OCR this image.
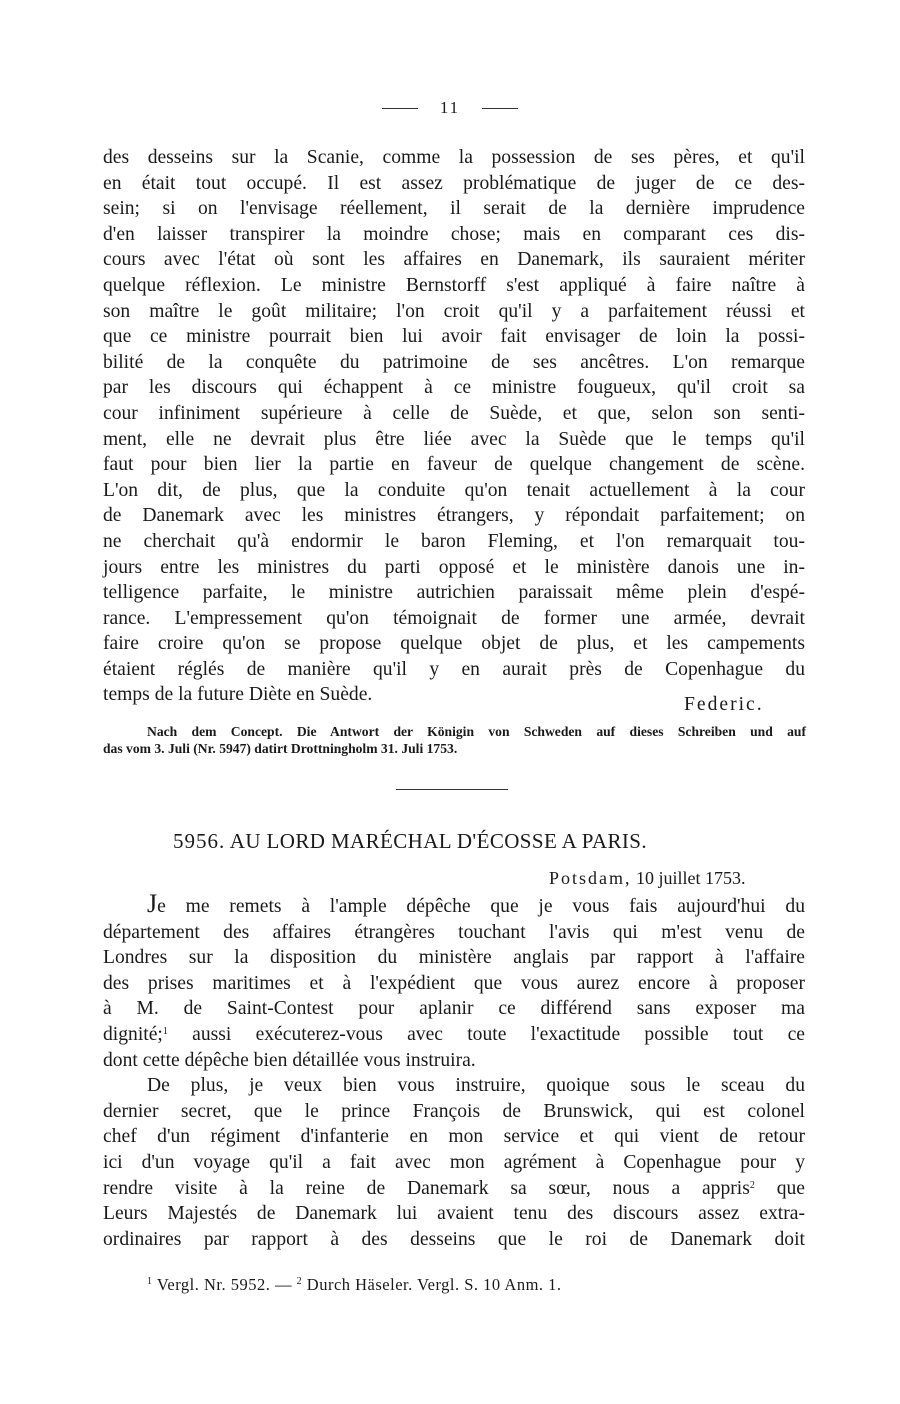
11
des desseins sur la Scanie, comme la possession de ses pères, et qu'il
en était tout occupé. Il est assez problématique de juger de ce des-
sein; si on l'envisage réellement, il serait de la dernière imprudence
d'en laisser transpirer la moindre chose; mais en comparant ces dis-
cours avec l'état où sont les affaires en Danemark, ils sauraient mériter
quelque réflexion. Le ministre Bernstorff s'est appliqué à faire naître à
son maître le goût militaire; l'on croit qu'il y a parfaitement réussi et
que ce ministre pourrait bien lui avoir fait envisager de loin la possi-
bilité de la conquête du patrimoine de ses ancêtres. L'on remarque
par les discours qui échappent à ce ministre fougueux, qu'il croit sa
cour infiniment supérieure à celle de Suède, et que, selon son senti-
ment, elle ne devrait plus être liée avec la Suède que le temps qu'il
faut pour bien lier la partie en faveur de quelque changement de scène.
L'on dit, de plus, que la conduite qu'on tenait actuellement à la cour
de Danemark avec les ministres étrangers, y répondait parfaitement; on
ne cherchait qu'à endormir le baron Fleming, et l'on remarquait tou-
jours entre les ministres du parti opposé et le ministère danois une in-
telligence parfaite, le ministre autrichien paraissait même plein d'espé-
rance. L'empressement qu'on témoignait de former une armée, devrait
faire croire qu'on se propose quelque objet de plus, et les campements
étaient réglés de manière qu'il y en aurait près de Copenhague du
temps de la future Diète en Suède.	Federic.
Nach dem Concept. Die Antwort der Königin von Schweden auf dieses Schreiben und auf
das vom 3. Juli (Nr. 5947) datirt Drottningholm 31. Juli 1753.
5956. AU LORD MARÉCHAL D'ÉCOSSE A PARIS.
Potsdam, 10 juillet 1753.
Je me remets à l'ample dépêche que je vous fais aujourd'hui du
département des affaires étrangères touchant l'avis qui m'est venu de
Londres sur la disposition du ministère anglais par rapport à l'affaire
des prises maritimes et à l'expédient que vous aurez encore à proposer
à M. de Saint-Contest pour aplanir ce différend sans exposer ma
dignité;$^1$ aussi exécuterez-vous avec toute l'exactitude possible tout ce
dont cette dépêche bien détaillée vous instruira.
De plus, je veux bien vous instruire, quoique sous le sceau du
dernier secret, que le prince François de Brunswick, qui est colonel
chef d'un régiment d'infanterie en mon service et qui vient de retour
ici d'un voyage qu'il a fait avec mon agrément à Copenhague pour y
rendre visite à la reine de Danemark sa sœur, nous a appris$^2$ que
Leurs Majestés de Danemark lui avaient tenu des discours assez extra-
ordinaires par rapport à des desseins que le roi de Danemark doit
$^1$ Vergl. Nr. 5952. — $^2$ Durch Häseler. Vergl. S. 10 Anm. 1.
